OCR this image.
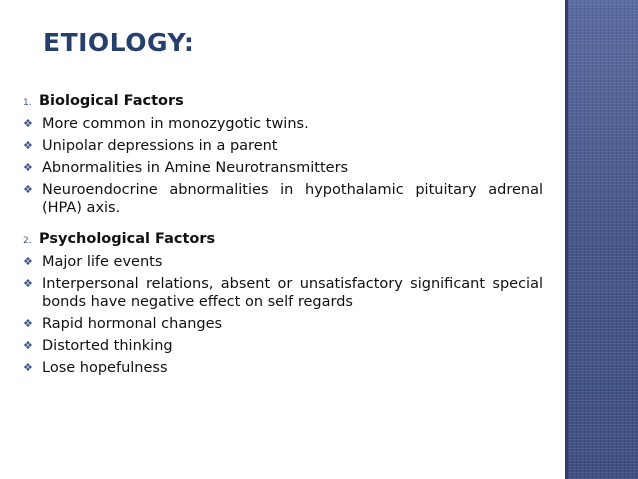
ETIOLOGY:
1. Biological Factors
❖ More common in monozygotic twins.
❖ Unipolar depressions in a parent
❖ Abnormalities in Amine Neurotransmitters
❖ Neuroendocrine abnormalities in hypothalamic pituitary adrenal (HPA) axis.
2. Psychological Factors
❖ Major life events
❖ Interpersonal relations, absent or unsatisfactory significant special bonds have negative effect on self regards
❖ Rapid hormonal changes
❖ Distorted thinking
❖ Lose hopefulness
